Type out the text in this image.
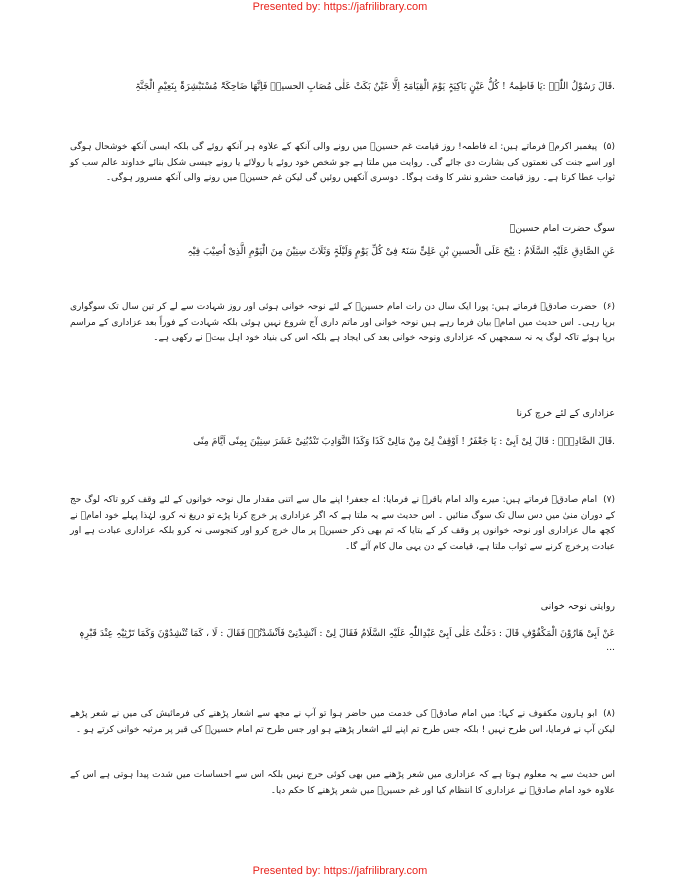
Presented by: https://jafrilibrary.com
.قَالَ رَسُوْلُ اللّٰہؐ :یَا فَاطِمۃُ ! کُلُّ عَیْنٍ بَاکِیَۃٍ یَوْمَ الْقِیَامَۃِ اِلَّا عَیْنٌ بَکَتْ عَلٰی مُصَابِ الحسینؑ فَاِنَّھَا ضَاحِکَۃٌ مُسْتَبْشِرَۃٌ بِنَعِیْمِ الْجَنَّۃِ
(۵)پیغمبر اکرمؐ فرماتے ہیں: اے فاطمہ! روز قیامت غم حسینؑ میں رونے والی آنکھ کے علاوہ ہر آنکھ روئے گی بلکہ ایسی آنکھ خوشحال ہوگی اور اسے جنت کی نعمتوں کی بشارت دی جائے گی۔ روایت میں ملتا ہے جو شخص خود روئے یا رولائے یا رونے جیسی شکل بنائے خداوند عالم سب کو ثواب عطا کرتا ہے۔ روز قیامت حشرو نشر کا وقت ہوگا۔ دوسری آنکھیں روئیں گی لیکن غم حسینؑ میں رونے والی آنکھ مسرور ہوگی۔
سوگ حضرت امام حسینؑ
عَنِ الصَّادِقِ عَلَیْہِ السَّلَامُ : نِیْحَ عَلَی الْحسینِ بْنِ عَلِیٍّ سَنَۃً فِیْ کُلِّ یَوْمٍ وَلَیْلَۃٍ وَثَلَاثَ سِنِیْنَ مِنَ الْیَوْمِ الَّذِیْ اُصِیْبَ فِیْہِ
(۶)حضرت صادقؑ فرماتے ہیں: پورا ایک سال دن رات امام حسینؑ کے لئے نوحہ خوانی ہوئی اور روز شہادت سے لے کر تین سال تک سوگواری برپا رہی۔ اس حدیث میں امامؑ بیان فرما رہے ہیں نوحہ خوانی اور ماتم داری آج شروع نہیں ہوئی بلکہ شہادت کے فوراً بعد عزاداری کے مراسم برپا ہوئے تاکہ لوگ یہ نہ سمجھیں کہ عزاداری ونوحہ خوانی بعد کی ایجاد ہے بلکہ اس کی بنیاد خود اہل بیتؑ نے رکھی ہے۔
عزاداری کے لئے خرچ کرنا
.قَالَ الصَّادِقُؑ : قَالَ لِیْ اَبِیْ : یَا جَعْفَرُ ! اَوْقِفْ لِیْ مِنْ مَالِیْ کَذَا وَکَذَا النَّوَادِبَ تَنْدُبُنِیْ عَشَرَ سِنِیْنَ بِمِنًی اَیَّامَ مِنًی
(۷)امام صادقؑ فرماتے ہیں: میرے والد امام باقرؑ نے فرمایا: اے جعفر! اپنے مال سے اتنی مقدار مال نوحہ خوانوں کے لئے وقف کرو تاکہ لوگ حج کے دوران منیٰ میں دس سال تک سوگ منائیں ۔ اس حدیث سے یہ ملتا ہے کہ اگر عزاداری پر خرچ کرنا پڑے تو دریغ نہ کرو، لہٰذا پہلے خود امامؑ نے کچھ مال عزاداری اور نوحہ خوانوں پر وقف کر کے بتایا کہ تم بھی ذکر حسینؑ پر مال خرچ کرو اور کنجوسی نہ کرو بلکہ عزاداری عبادت ہے اور عبادت پرخرچ کرنے سے ثواب ملتا ہے، قیامت کے دن یہی مال کام آئے گا۔
روایتی نوحہ خوانی
عَنْ اَبِیْ ھَارُوْنَ الْمَکْفُوْفِ قَالَ : دَخَلْتُ عَلٰی اَبِیْ عَبْدِاللّٰہِ عَلَیْہِ السَّلَامُ فَقَالَ لِیْ : اَنْشِدْنِیْ فَاَنْشَدْتُہٗ فَقَالَ : لَا ، کَمَا تُنْشِدُوْنَ وَکَمَا تَرْثِیْہِ عِنْدَ قَبْرِہٖ ...
(۸)ابو ہارون مکفوف نے کہا: میں امام صادقؑ کی خدمت میں حاضر ہوا تو آپ نے مجھ سے اشعار پڑھنے کی فرمائیش کی میں نے شعر پڑھے لیکن آپ نے فرمایا، اس طرح نہیں ! بلکہ جس طرح تم اپنے لئے اشعار پڑھتے ہو اور جس طرح تم امام حسینؑ کی قبر پر مرثیہ خوانی کرتے ہو ۔
اس حدیث سے یہ معلوم ہوتا ہے کہ عزاداری میں شعر پڑھنے میں بھی کوئی حرج نہیں بلکہ اس سے احساسات میں شدت پیدا ہوتی ہے اس کے علاوہ خود امام صادقؑ نے عزاداری کا انتظام کیا اور غم حسینؑ میں شعر پڑھنے کا حکم دیا۔
Presented by: https://jafrilibrary.com
